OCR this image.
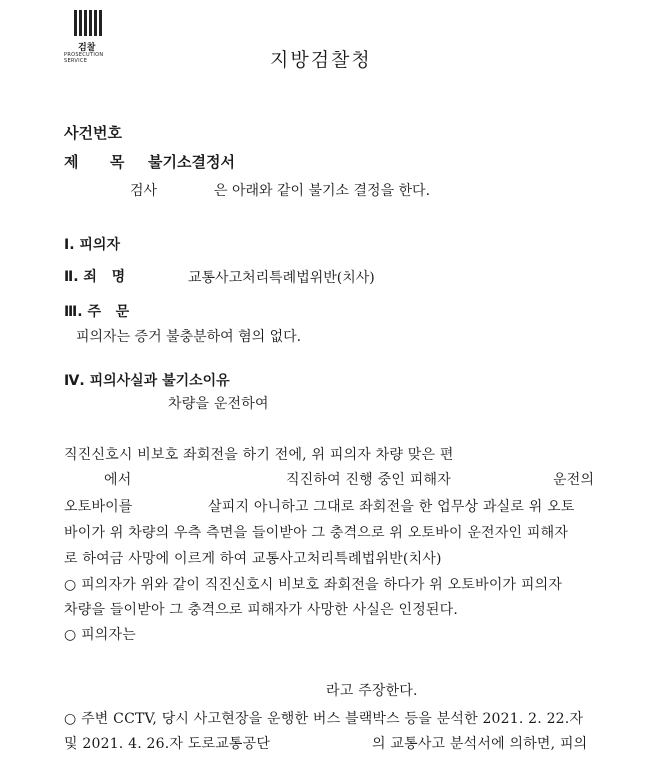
검찰
PROSECUTION SERVICE	지방검찰청
사건번호
제      목 불기소결정서
검사	은 아래와 같이 불기소 결정을 한다.
Ⅰ. 피의자
Ⅱ. 죄   명	교통사고처리특례법위반(치사)
Ⅲ. 주   문
피의자는 증거 불충분하여 혐의 없다.
Ⅳ. 피의사실과 불기소이유
차량을 운전하여
직진신호시 비보호 좌회전을 하기 전에, 위 피의자 차량 맞은 편
에서	직진하여 진행 중인 피해자	운전의
오토바이를	살피지 아니하고 그대로 좌회전을 한 업무상 과실로 위 오토
바이가 위 차량의 우측 측면을 들이받아 그 충격으로 위 오토바이 운전자인 피해자
로 하여금 사망에 이르게 하여 교통사고처리특례법위반(치사)
○ 피의자가 위와 같이 직진신호시 비보호 좌회전을 하다가 위 오토바이가 피의자
차량을 들이받아 그 충격으로 피해자가 사망한 사실은 인정된다.
○ 피의자는
라고 주장한다.
○ 주변 CCTV, 당시 사고현장을 운행한 버스 블랙박스 등을 분석한 2021. 2. 22.자
및 2021. 4. 26.자 도로교통공단	의 교통사고 분석서에 의하면, 피의
